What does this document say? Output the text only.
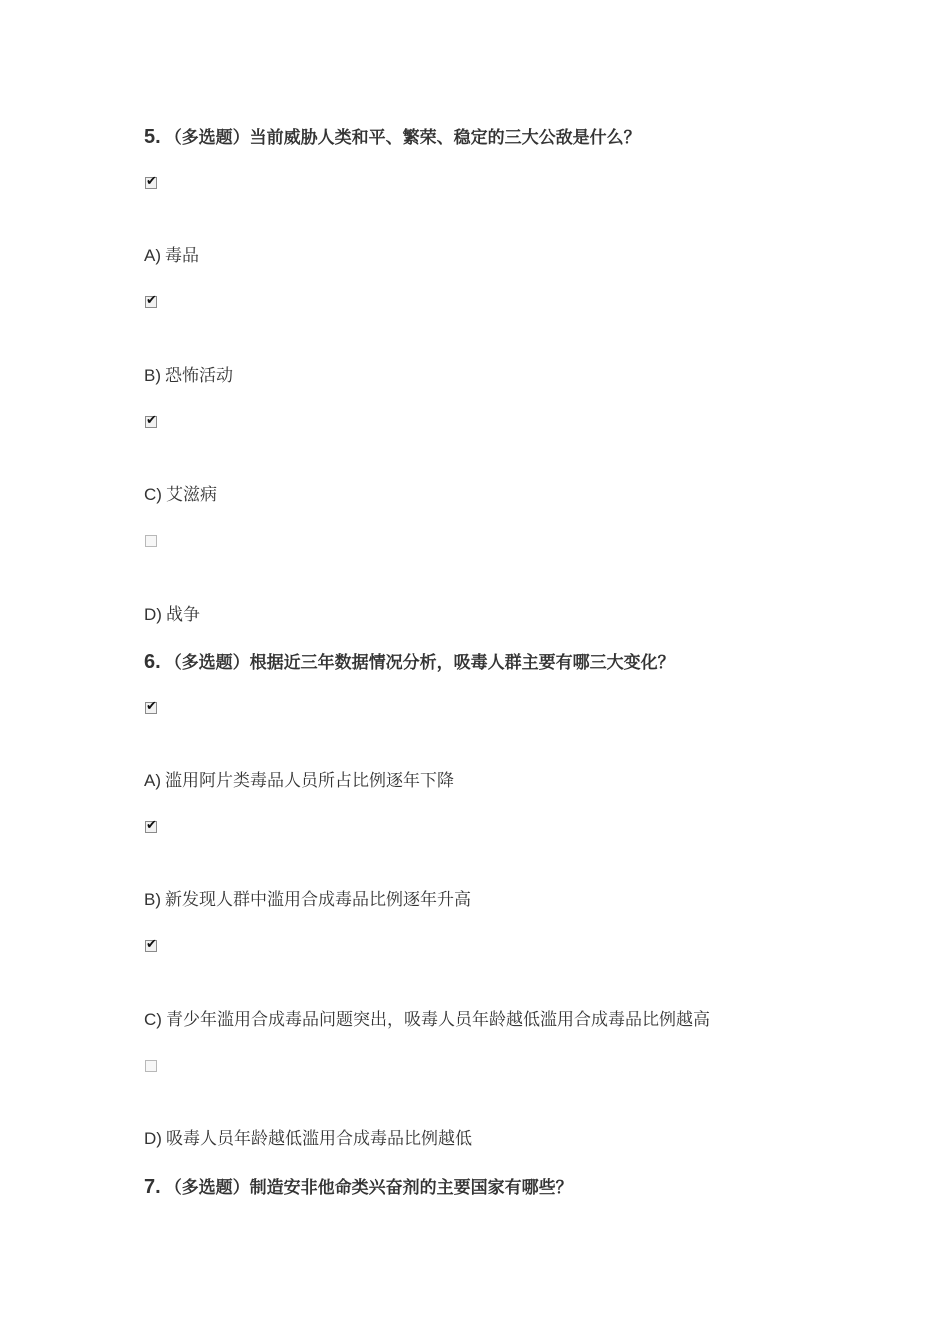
5. （多选题）当前威胁人类和平、繁荣、稳定的三大公敌是什么？
✔
A) 毒品
✔
B) 恐怖活动
✔
C) 艾滋病
D) 战争
6. （多选题）根据近三年数据情况分析，吸毒人群主要有哪三大变化？
✔
A) 滥用阿片类毒品人员所占比例逐年下降
✔
B) 新发现人群中滥用合成毒品比例逐年升高
✔
C) 青少年滥用合成毒品问题突出，吸毒人员年龄越低滥用合成毒品比例越高
D) 吸毒人员年龄越低滥用合成毒品比例越低
7. （多选题）制造安非他命类兴奋剂的主要国家有哪些？
